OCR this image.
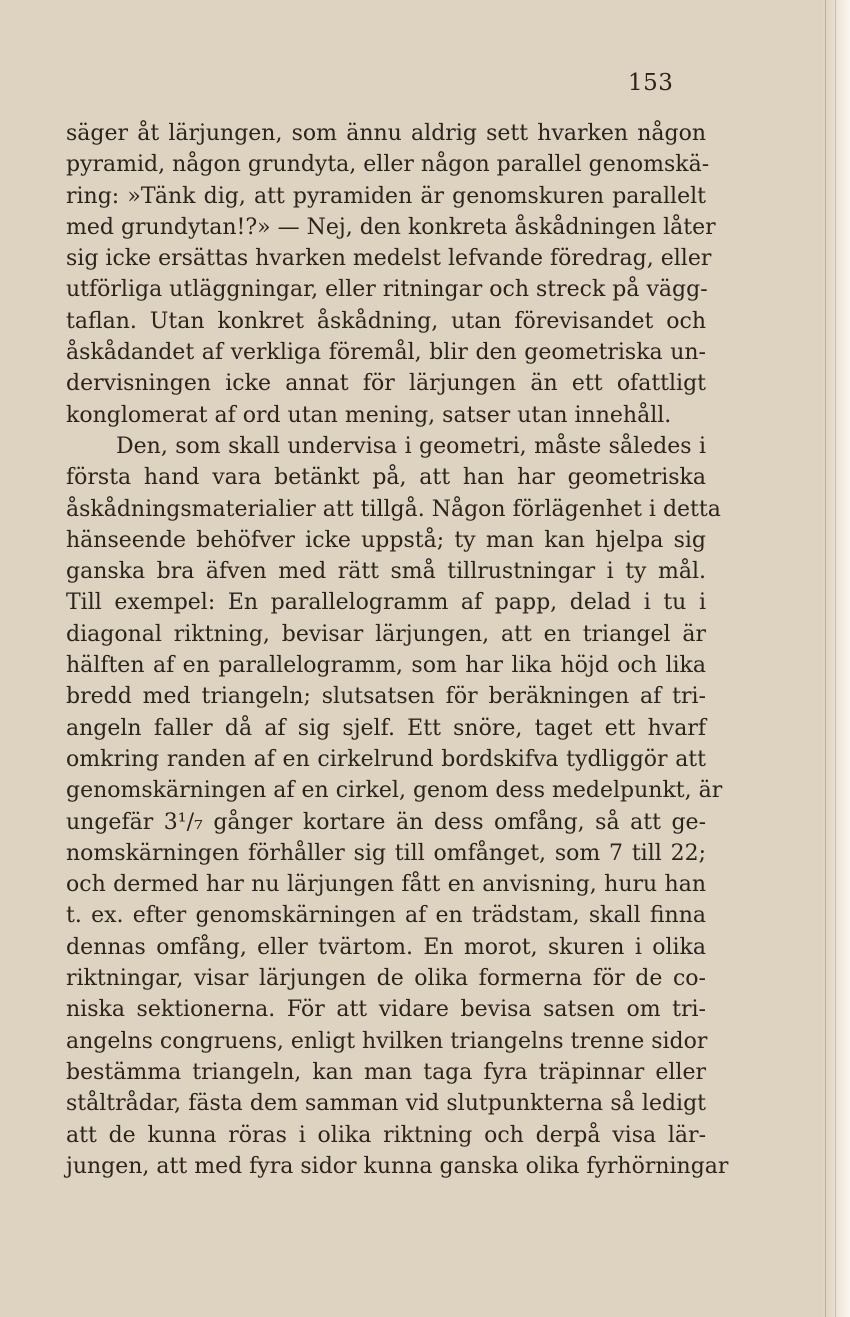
153
säger åt lärjungen, som ännu aldrig sett hvarken någon
pyramid, någon grundyta, eller någon parallel genomskä-
ring: »Tänk dig, att pyramiden är genomskuren parallelt
med grundytan!?» — Nej, den konkreta åskådningen låter
sig icke ersättas hvarken medelst lefvande föredrag, eller
utförliga utläggningar, eller ritningar och streck på vägg-
taflan. Utan konkret åskådning, utan förevisandet och
åskådandet af verkliga föremål, blir den geometriska un-
dervisningen icke annat för lärjungen än ett ofattligt
konglomerat af ord utan mening, satser utan innehåll.
Den, som skall undervisa i geometri, måste således i
första hand vara betänkt på, att han har geometriska
åskådningsmaterialier att tillgå. Någon förlägenhet i detta
hänseende behöfver icke uppstå; ty man kan hjelpa sig
ganska bra äfven med rätt små tillrustningar i ty mål.
Till exempel: En parallelogramm af papp, delad i tu i
diagonal riktning, bevisar lärjungen, att en triangel är
hälften af en parallelogramm, som har lika höjd och lika
bredd med triangeln; slutsatsen för beräkningen af tri-
angeln faller då af sig sjelf. Ett snöre, taget ett hvarf
omkring randen af en cirkelrund bordskifva tydliggör att
genomskärningen af en cirkel, genom dess medelpunkt, är
ungefär 3¹/₇ gånger kortare än dess omfång, så att ge-
nomskärningen förhåller sig till omfånget, som 7 till 22;
och dermed har nu lärjungen fått en anvisning, huru han
t. ex. efter genomskärningen af en trädstam, skall finna
dennas omfång, eller tvärtom. En morot, skuren i olika
riktningar, visar lärjungen de olika formerna för de co-
niska sektionerna. För att vidare bevisa satsen om tri-
angelns congruens, enligt hvilken triangelns trenne sidor
bestämma triangeln, kan man taga fyra träpinnar eller
ståltrådar, fästa dem samman vid slutpunkterna så ledigt
att de kunna röras i olika riktning och derpå visa lär-
jungen, att med fyra sidor kunna ganska olika fyrhörningar
